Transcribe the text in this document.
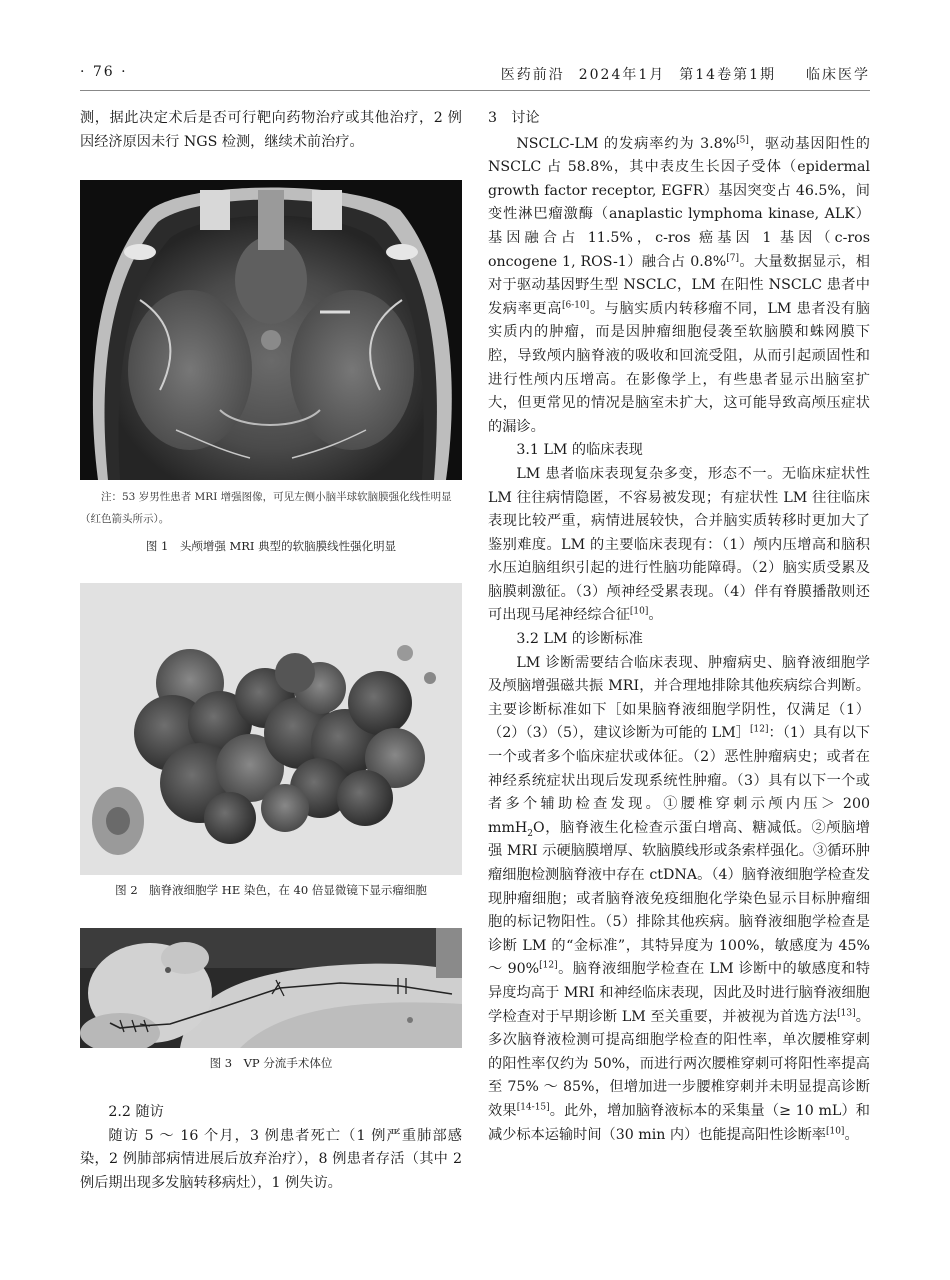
· 76 ·	医药前沿 2024年1月 第14卷第1期 临床医学

测，据此决定术后是否可行靶向药物治疗或其他治疗，2 例因经济原因未行 NGS 检测，继续术前治疗。

注：53 岁男性患者 MRI 增强图像，可见左侧小脑半球软脑膜强化线性明显（红色箭头所示）。
图 1　头颅增强 MRI 典型的软脑膜线性强化明显
图 2　脑脊液细胞学 HE 染色，在 40 倍显微镜下显示瘤细胞
图 3　VP 分流手术体位
2.2 随访

随访 5 ～ 16 个月，3 例患者死亡（1 例严重肺部感染，2 例肺部病情进展后放弃治疗），8 例患者存活（其中 2 例后期出现多发脑转移病灶），1 例失访。

3　讨论

NSCLC-LM 的发病率约为 3.8%[5]，驱动基因阳性的 NSCLC 占 58.8%，其中表皮生长因子受体（epidermal growth factor receptor, EGFR）基因突变占 46.5%，间变性淋巴瘤激酶（anaplastic lymphoma kinase, ALK）基因融合占 11.5%，c-ros 癌基因 1 基因（c-ros oncogene 1, ROS-1）融合占 0.8%[7]。大量数据显示，相对于驱动基因野生型 NSCLC，LM 在阳性 NSCLC 患者中发病率更高[6-10]。与脑实质内转移瘤不同，LM 患者没有脑实质内的肿瘤，而是因肿瘤细胞侵袭至软脑膜和蛛网膜下腔，导致颅内脑脊液的吸收和回流受阻，从而引起顽固性和进行性颅内压增高。在影像学上，有些患者显示出脑室扩大，但更常见的情况是脑室未扩大，这可能导致高颅压症状的漏诊。

3.1 LM 的临床表现

LM 患者临床表现复杂多变，形态不一。无临床症状性 LM 往往病情隐匿，不容易被发现；有症状性 LM 往往临床表现比较严重，病情进展较快，合并脑实质转移时更加大了鉴别难度。LM 的主要临床表现有：（1）颅内压增高和脑积水压迫脑组织引起的进行性脑功能障碍。（2）脑实质受累及脑膜刺激征。（3）颅神经受累表现。（4）伴有脊膜播散则还可出现马尾神经综合征[10]。

3.2 LM 的诊断标准

LM 诊断需要结合临床表现、肿瘤病史、脑脊液细胞学及颅脑增强磁共振 MRI，并合理地排除其他疾病综合判断。主要诊断标准如下［如果脑脊液细胞学阴性，仅满足（1）（2）（3）（5），建议诊断为可能的 LM］[12]：（1）具有以下一个或者多个临床症状或体征。（2）恶性肿瘤病史；或者在神经系统症状出现后发现系统性肿瘤。（3）具有以下一个或者多个辅助检查发现。①腰椎穿刺示颅内压＞ 200 mmH$_2$O，脑脊液生化检查示蛋白增高、糖减低。②颅脑增强 MRI 示硬脑膜增厚、软脑膜线形或条索样强化。③循环肿瘤细胞检测脑脊液中存在 ctDNA。（4）脑脊液细胞学检查发现肿瘤细胞；或者脑脊液免疫细胞化学染色显示目标肿瘤细胞的标记物阳性。（5）排除其他疾病。脑脊液细胞学检查是诊断 LM 的“金标准”，其特异度为 100%，敏感度为 45% ～ 90%[12]。脑脊液细胞学检查在 LM 诊断中的敏感度和特异度均高于 MRI 和神经临床表现，因此及时进行脑脊液细胞学检查对于早期诊断 LM 至关重要，并被视为首选方法[13]。多次脑脊液检测可提高细胞学检查的阳性率，单次腰椎穿刺的阳性率仅约为 50%，而进行两次腰椎穿刺可将阳性率提高至 75% ～ 85%，但增加进一步腰椎穿刺并未明显提高诊断效果[14-15]。此外，增加脑脊液标本的采集量（≥ 10 mL）和减少标本运输时间（30 min 内）也能提高阳性诊断率[10]。
